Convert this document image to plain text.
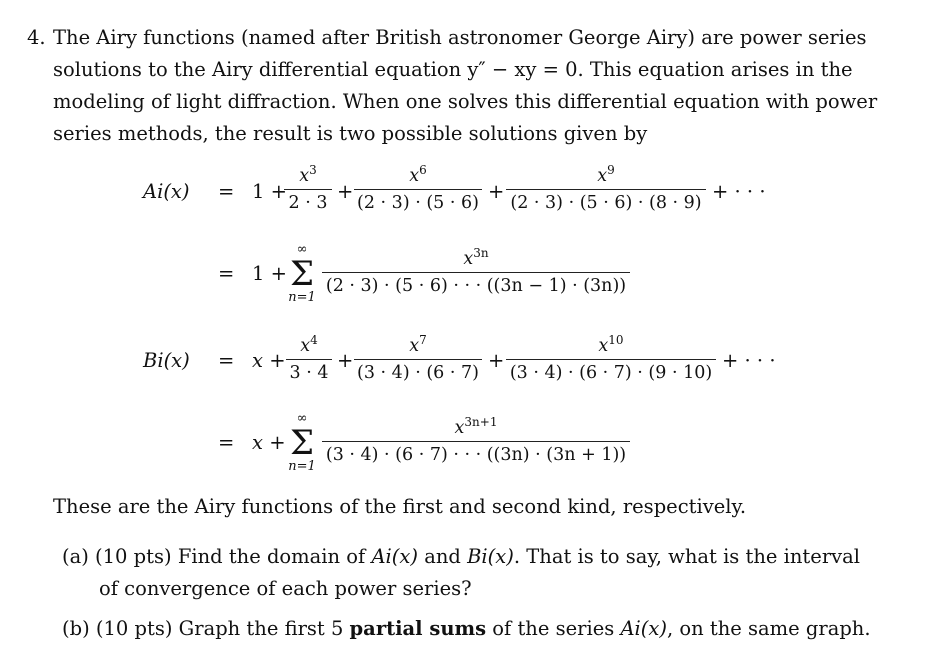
4. The Airy functions (named after British astronomer George Airy) are power series
solutions to the Airy differential equation y″ − xy = 0. This equation arises in the
modeling of light diffraction. When one solves this differential equation with power
series methods, the result is two possible solutions given by
Ai(x) = 1 +
$x^3$
2 · 3 +
$x^6$
(2 · 3) · (5 · 6) +
$x^9$
(2 · 3) · (5 · 6) · (8 · 9) + · · ·
= 1 +
∞
Σ
n=1
$x^{3n}$
(2 · 3) · (5 · 6) · · · ((3n − 1) · (3n))
Bi(x) = x +
$x^4$
3 · 4
+
$x^7$
(3 · 4) · (6 · 7)
+
$x^{10}$
(3 · 4) · (6 · 7) · (9 · 10)
+ · · ·
= x +
∞
Σ
n=1
$x^{3n+1}$
(3 · 4) · (6 · 7) · · · ((3n) · (3n + 1))
These are the Airy functions of the first and second kind, respectively.
(a) (10 pts) Find the domain of Ai(x) and Bi(x). That is to say, what is the interval
of convergence of each power series?
(b) (10 pts) Graph the first 5 partial sums of the series Ai(x), on the same graph.
